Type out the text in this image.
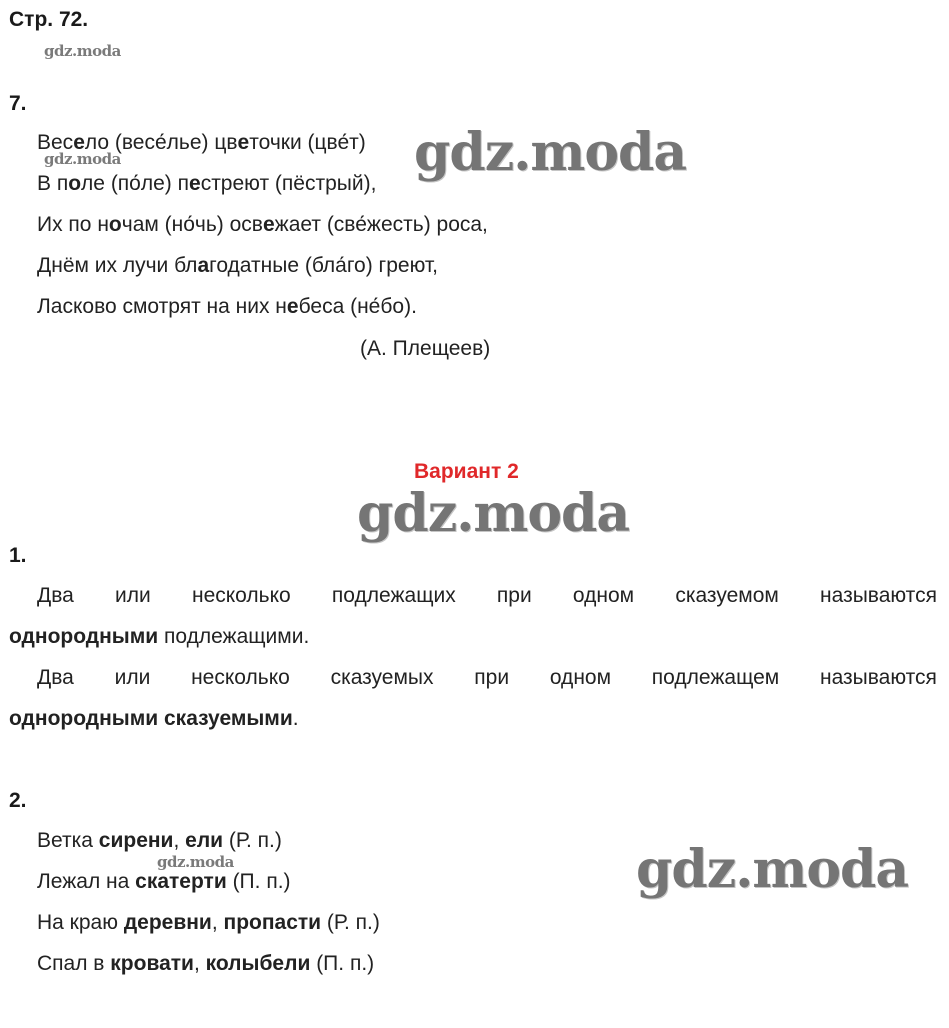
Стр. 72.
gdz.moda
gdz.moda
gdz.moda
gdz.moda
gdz.moda
gdz.moda
7.
Весело (весе́лье) цветочки (цве́т)
В поле (по́ле) пестреют (пёстрый),
Их по ночам (но́чь) освежает (све́жесть) роса,
Днём их лучи благодатные (бла́го) греют,
Ласково смотрят на них небеса (не́бо).
(А. Плещеев)
Вариант 2
1.
Два или несколько подлежащих при одном сказуемом называются
однородными подлежащими.
Два или несколько сказуемых при одном подлежащем называются
однородными сказуемыми.
2.
Ветка сирени, ели (Р. п.)
Лежал на скатерти (П. п.)
На краю деревни, пропасти (Р. п.)
Спал в кровати, колыбели (П. п.)
